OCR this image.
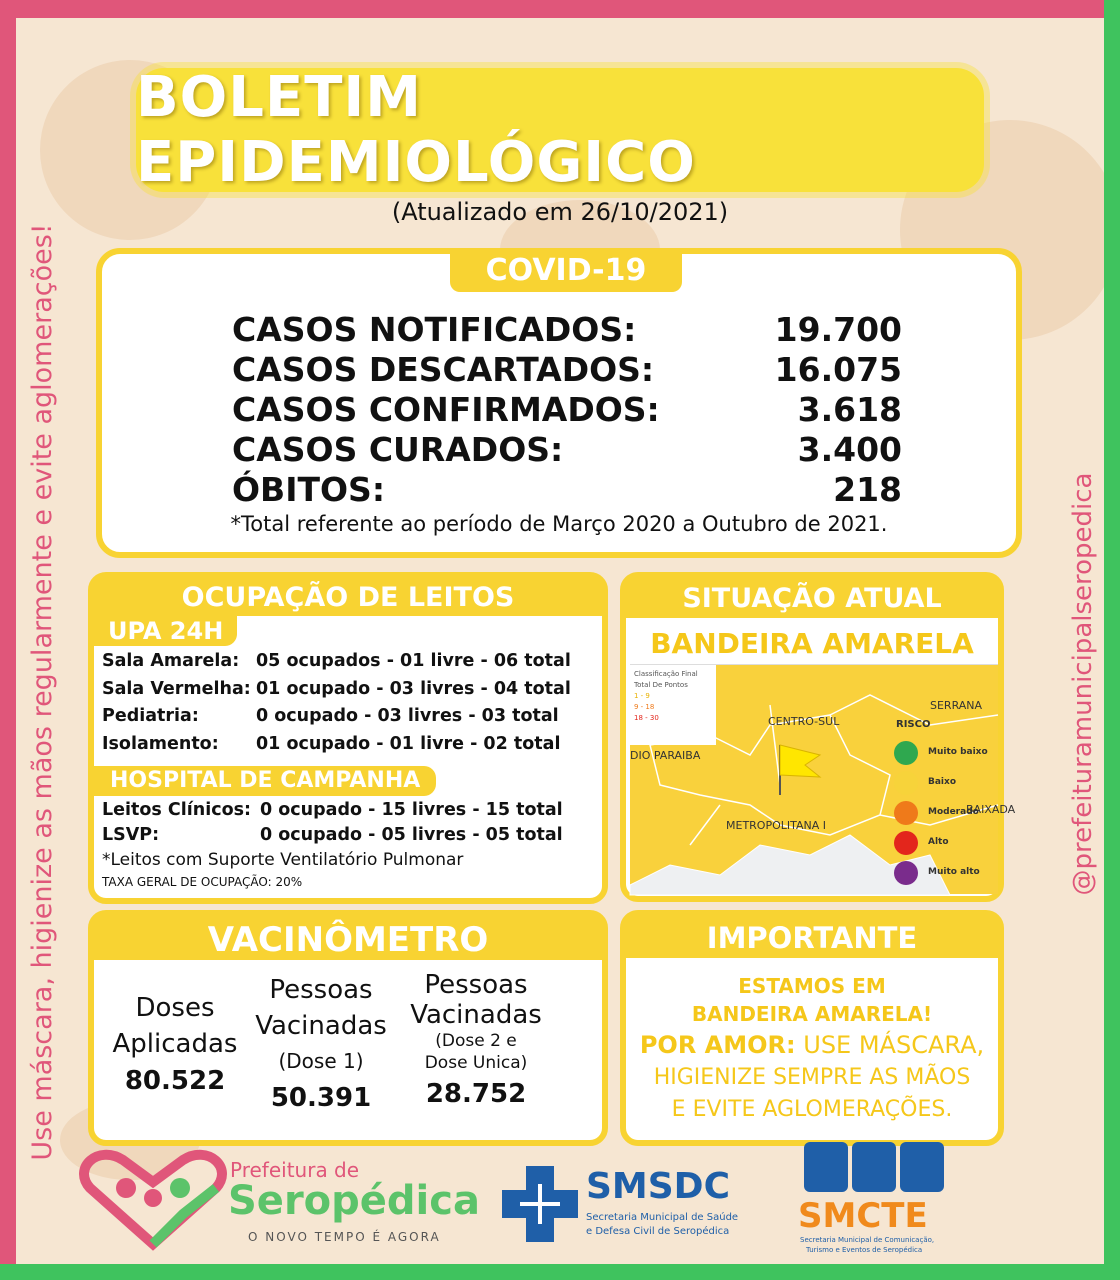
Use máscara, higienize as mãos regularmente e evite aglomerações!	@prefeituramunicipalseropedica
BOLETIM EPIDEMIOLÓGICO
(Atualizado em 26/10/2021)
COVID-19
CASOS NOTIFICADOS:	19.700
CASOS DESCARTADOS:	16.075
CASOS CONFIRMADOS:	3.618
CASOS CURADOS:	3.400
ÓBITOS:	218
*Total referente ao período de Março 2020 a Outubro de 2021.
OCUPAÇÃO DE LEITOS
UPA 24H
Sala Amarela: 05 ocupados - 01 livre - 06 total
Sala Vermelha: 01 ocupado - 03 livres - 04 total
Pediatria:	0 ocupado - 03 livres - 03 total
Isolamento:	01 ocupado - 01 livre - 02 total
HOSPITAL DE CAMPANHA
Leitos Clínicos: 0 ocupado - 15 livres - 15 total
LSVP:	0 ocupado - 05 livres - 05 total
*Leitos com Suporte Ventilatório Pulmonar
TAXA GERAL DE OCUPAÇÃO: 20%
SITUAÇÃO ATUAL
BANDEIRA AMARELA
Classificação Final
Total De Pontos
1 - 9
9 - 18
18 - 30	CENTRO-SUL
SERRANA
DIO PARAIBA
METROPOLITANA I
BAIXADA
RISCO
Muito baixo
Baixo
Moderado
Alto
Muito alto
VACINÔMETRO
Doses
Aplicadas
80.522
Pessoas
Vacinadas
(Dose 1)
50.391
Pessoas
Vacinadas
(Dose 2 e
Dose Unica)
28.752
IMPORTANTE
ESTAMOS EM
BANDEIRA AMARELA!
POR AMOR: USE MÁSCARA,
HIGIENIZE SEMPRE AS MÃOS
E EVITE AGLOMERAÇÕES.
Prefeitura de
Seropédica
O NOVO TEMPO É AGORA
SMSDC
Secretaria Municipal de Saúde
e Defesa Civil de Seropédica SMCTE
Secretaria Municipal de Comunicação,
Turismo e Eventos de Seropédica
